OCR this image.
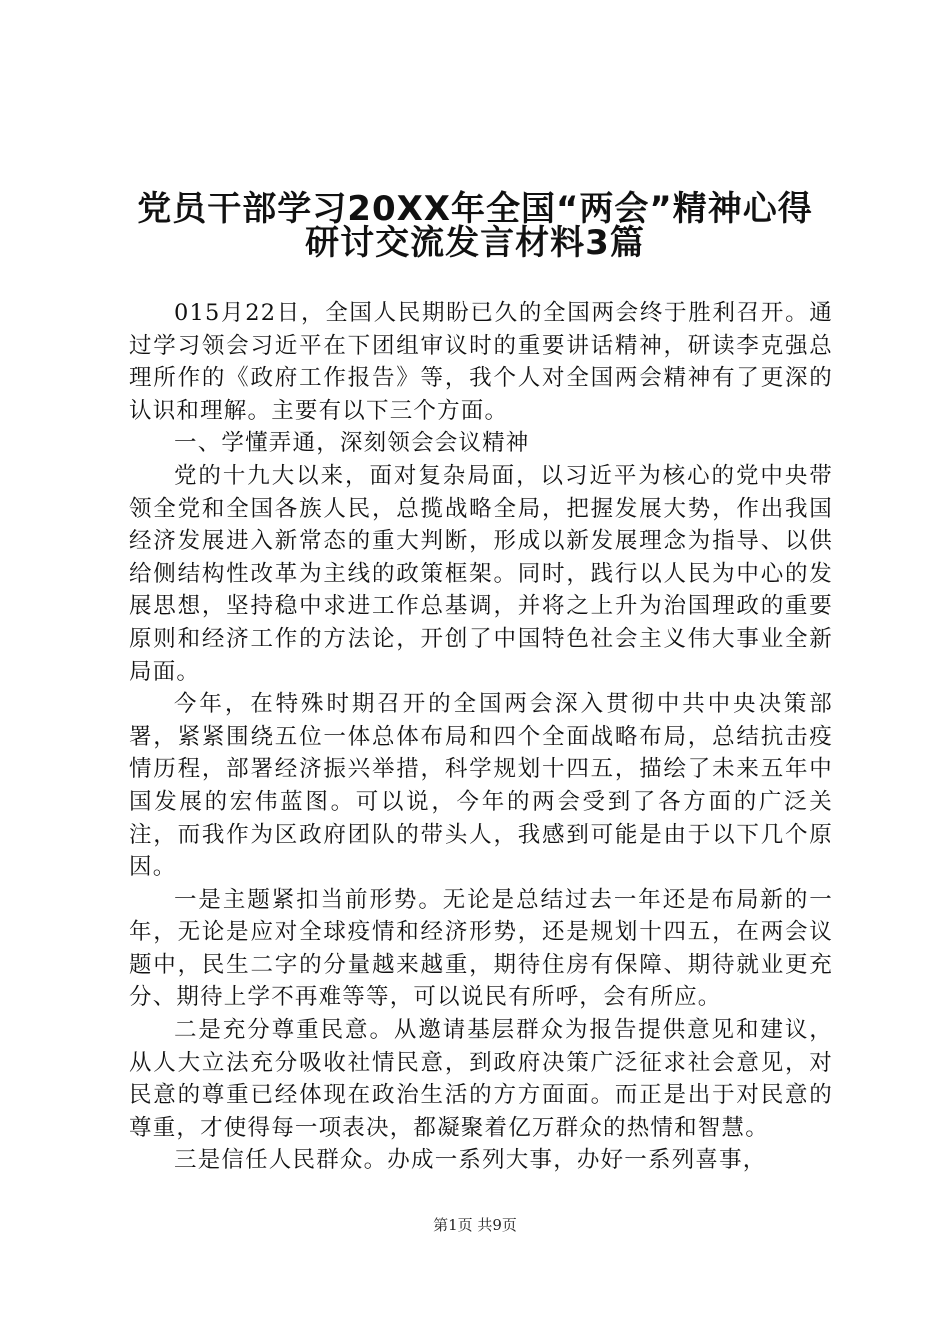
党员干部学习20XX年全国“两会”精神心得
研讨交流发言材料3篇

015月22日，全国人民期盼已久的全国两会终于胜利召开。通过学习领会习近平在下团组审议时的重要讲话精神，研读李克强总理所作的《政府工作报告》等，我个人对全国两会精神有了更深的认识和理解。主要有以下三个方面。

一、学懂弄通，深刻领会会议精神

党的十九大以来，面对复杂局面，以习近平为核心的党中央带领全党和全国各族人民，总揽战略全局，把握发展大势，作出我国经济发展进入新常态的重大判断，形成以新发展理念为指导、以供给侧结构性改革为主线的政策框架。同时，践行以人民为中心的发展思想，坚持稳中求进工作总基调，并将之上升为治国理政的重要原则和经济工作的方法论，开创了中国特色社会主义伟大事业全新局面。

今年，在特殊时期召开的全国两会深入贯彻中共中央决策部署，紧紧围绕五位一体总体布局和四个全面战略布局，总结抗击疫情历程，部署经济振兴举措，科学规划十四五，描绘了未来五年中国发展的宏伟蓝图。可以说，今年的两会受到了各方面的广泛关注，而我作为区政府团队的带头人，我感到可能是由于以下几个原因。

一是主题紧扣当前形势。无论是总结过去一年还是布局新的一年，无论是应对全球疫情和经济形势，还是规划十四五，在两会议题中，民生二字的分量越来越重，期待住房有保障、期待就业更充分、期待上学不再难等等，可以说民有所呼，会有所应。

二是充分尊重民意。从邀请基层群众为报告提供意见和建议，从人大立法充分吸收社情民意，到政府决策广泛征求社会意见，对民意的尊重已经体现在政治生活的方方面面。而正是出于对民意的尊重，才使得每一项表决，都凝聚着亿万群众的热情和智慧。

三是信任人民群众。办成一系列大事，办好一系列喜事，

第1页 共9页
